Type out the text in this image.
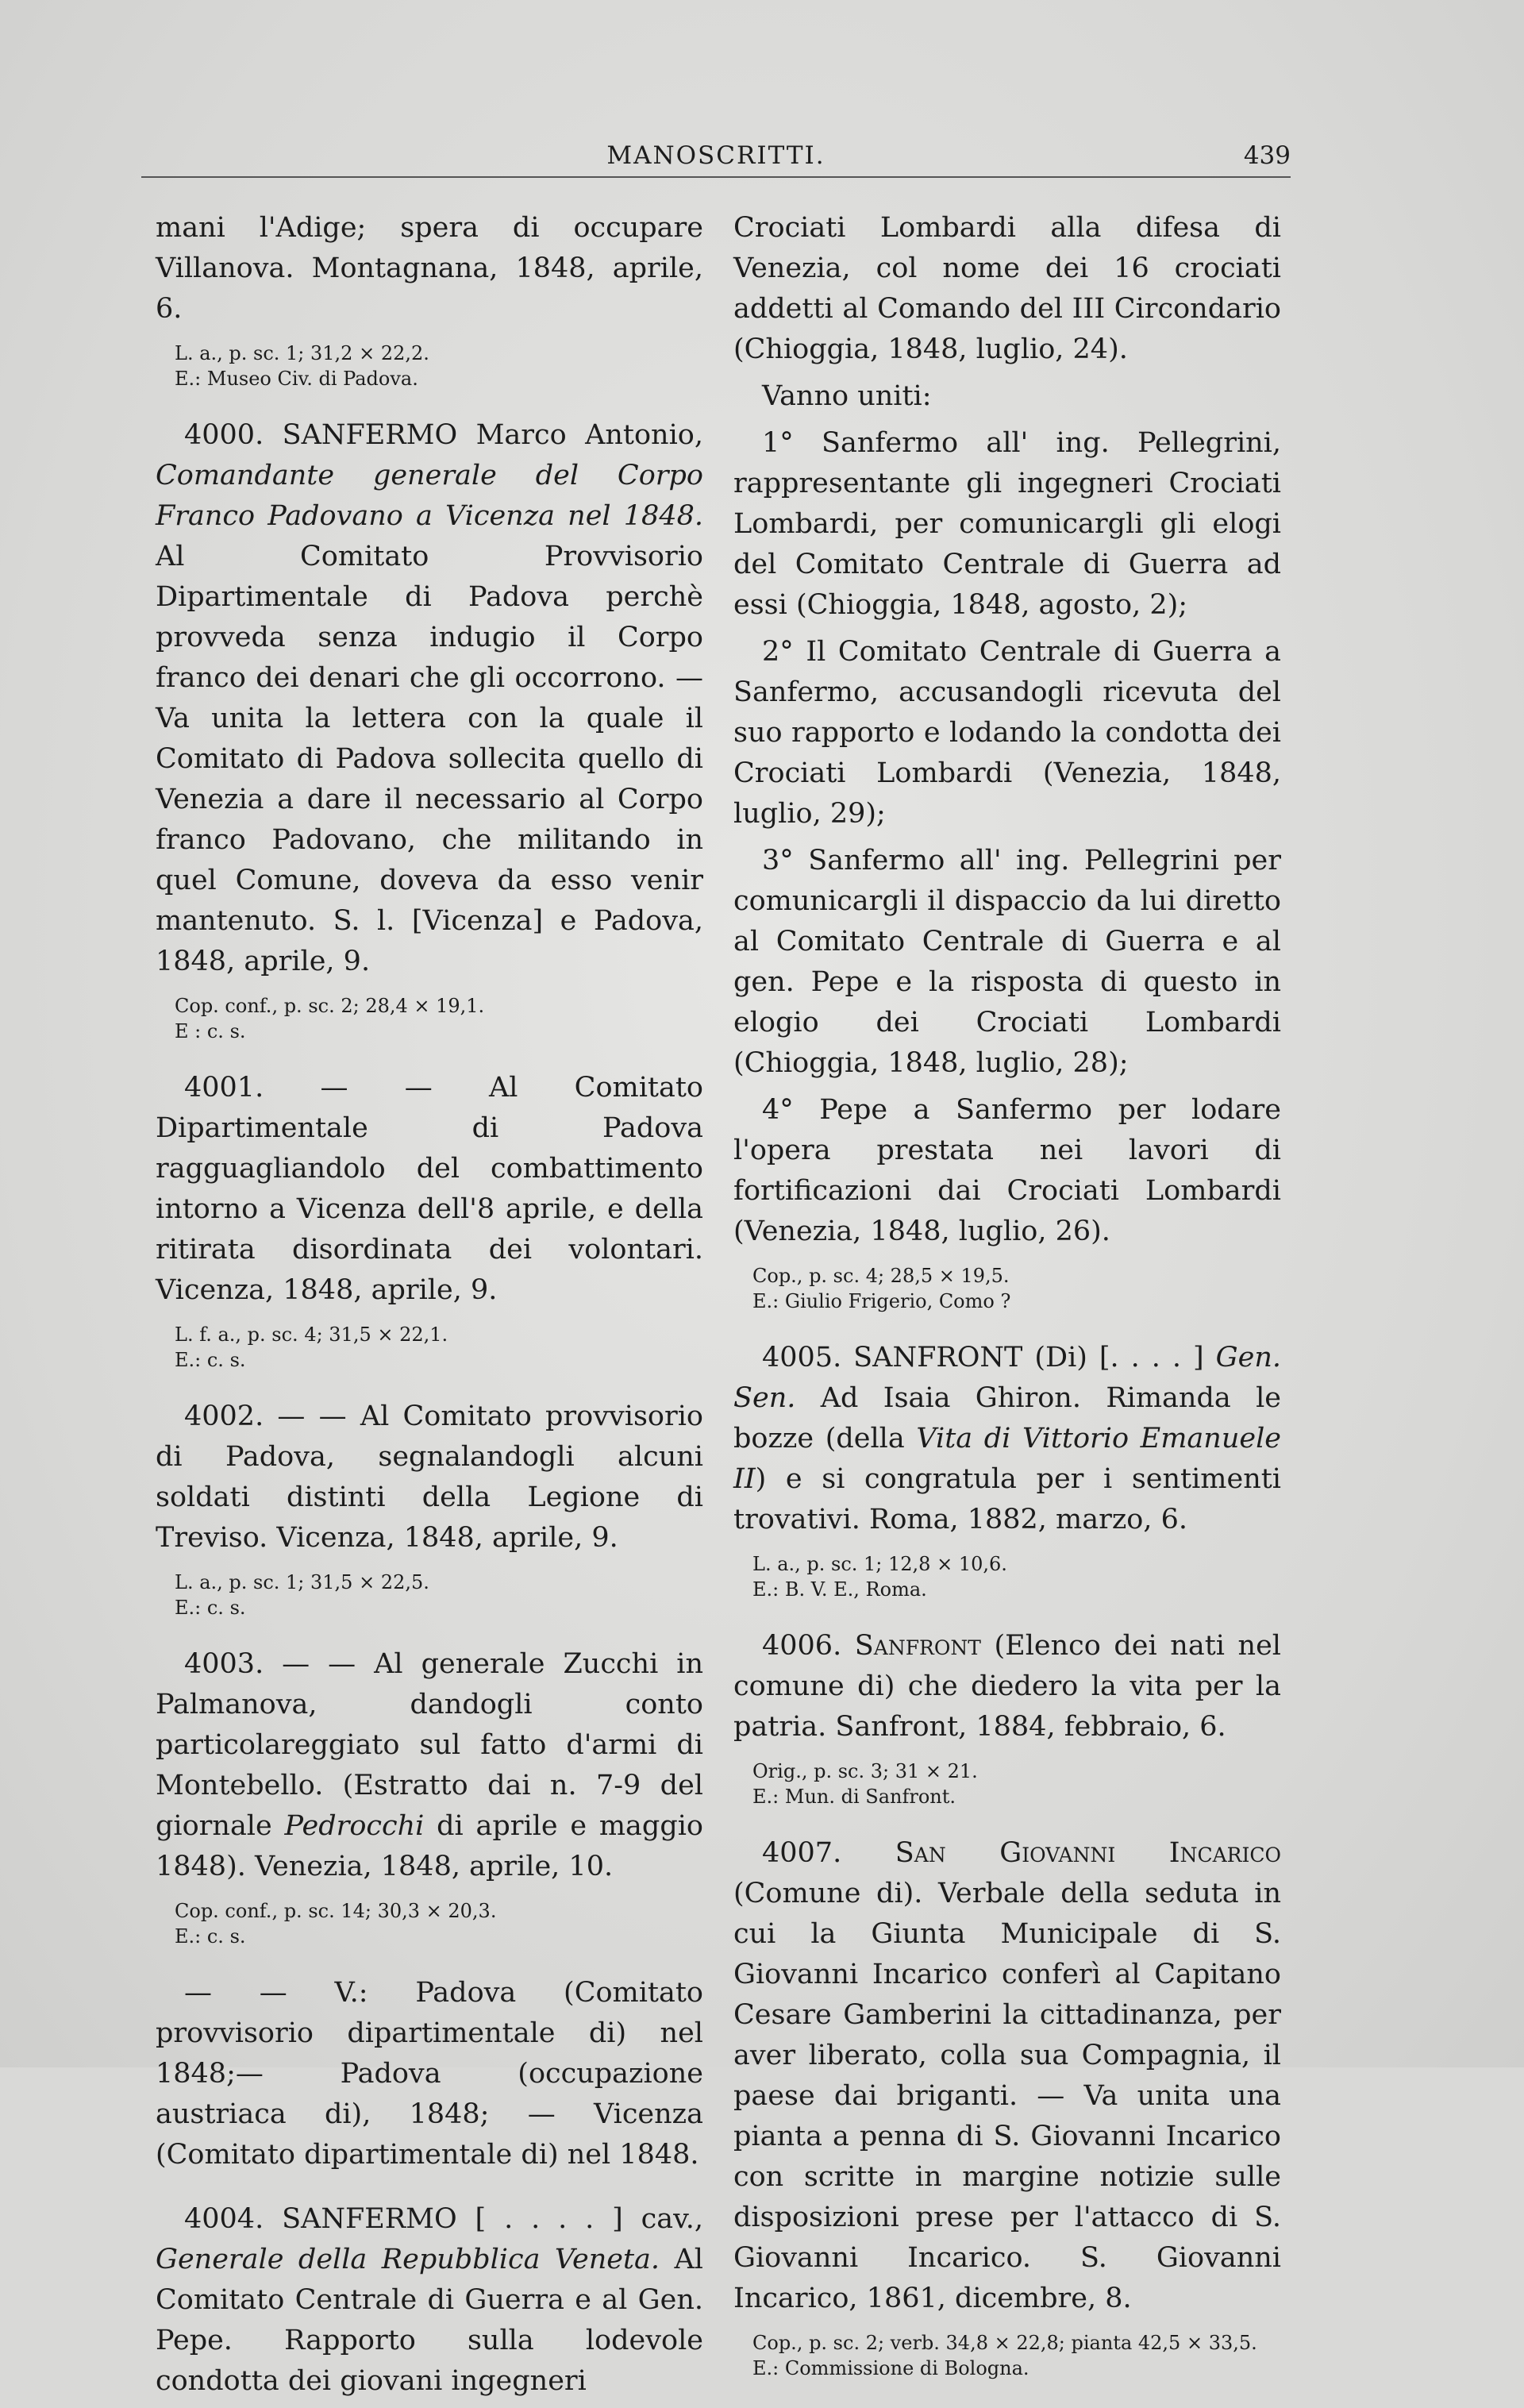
MANOSCRITTI.	439
mani l'Adige; spera di occupare Villanova. Montagnana, 1848, aprile, 6.
L. a., p. sc. 1; 31,2 × 22,2.
E.: Museo Civ. di Padova.
4000. SANFERMO Marco Antonio, Comandante generale del Corpo Franco Padovano a Vicenza nel 1848. Al Comitato Provvisorio Dipartimentale di Padova perchè provveda senza indugio il Corpo franco dei denari che gli occorrono. — Va unita la lettera con la quale il Comitato di Padova sollecita quello di Venezia a dare il necessario al Corpo franco Padovano, che militando in quel Comune, doveva da esso venir mantenuto. S. l. [Vicenza] e Padova, 1848, aprile, 9.
Cop. conf., p. sc. 2; 28,4 × 19,1.
E : c. s.
4001. — — Al Comitato Dipartimentale di Padova ragguagliandolo del combattimento intorno a Vicenza dell'8 aprile, e della ritirata disordinata dei volontari. Vicenza, 1848, aprile, 9.
L. f. a., p. sc. 4; 31,5 × 22,1.
E.: c. s.
4002. — — Al Comitato provvisorio di Padova, segnalandogli alcuni soldati distinti della Legione di Treviso. Vicenza, 1848, aprile, 9.
L. a., p. sc. 1; 31,5 × 22,5.
E.: c. s.
4003. — — Al generale Zucchi in Palmanova, dandogli conto particolareggiato sul fatto d'armi di Montebello. (Estratto dai n. 7-9 del giornale Pedrocchi di aprile e maggio 1848). Venezia, 1848, aprile, 10.
Cop. conf., p. sc. 14; 30,3 × 20,3.
E.: c. s.
— — V.: Padova (Comitato provvisorio dipartimentale di) nel 1848;— Padova (occupazione austriaca di), 1848; — Vicenza (Comitato dipartimentale di) nel 1848.
4004. SANFERMO [ . . . . ] cav., Generale della Repubblica Veneta. Al Comitato Centrale di Guerra e al Gen. Pepe. Rapporto sulla lodevole condotta dei giovani ingegneri
Crociati Lombardi alla difesa di Venezia, col nome dei 16 crociati addetti al Comando del III Circondario (Chioggia, 1848, luglio, 24).
Vanno uniti:
1° Sanfermo all' ing. Pellegrini, rappresentante gli ingegneri Crociati Lombardi, per comunicargli gli elogi del Comitato Centrale di Guerra ad essi (Chioggia, 1848, agosto, 2);
2° Il Comitato Centrale di Guerra a Sanfermo, accusandogli ricevuta del suo rapporto e lodando la condotta dei Crociati Lombardi (Venezia, 1848, luglio, 29);
3° Sanfermo all' ing. Pellegrini per comunicargli il dispaccio da lui diretto al Comitato Centrale di Guerra e al gen. Pepe e la risposta di questo in elogio dei Crociati Lombardi (Chioggia, 1848, luglio, 28);
4° Pepe a Sanfermo per lodare l'opera prestata nei lavori di fortificazioni dai Crociati Lombardi (Venezia, 1848, luglio, 26).
Cop., p. sc. 4; 28,5 × 19,5.
E.: Giulio Frigerio, Como ?
4005. SANFRONT (Di) [. . . . ] Gen. Sen. Ad Isaia Ghiron. Rimanda le bozze (della Vita di Vittorio Emanuele II) e si congratula per i sentimenti trovativi. Roma, 1882, marzo, 6.
L. a., p. sc. 1; 12,8 × 10,6.
E.: B. V. E., Roma.
4006. Sanfront (Elenco dei nati nel comune di) che diedero la vita per la patria. Sanfront, 1884, febbraio, 6.
Orig., p. sc. 3; 31 × 21.
E.: Mun. di Sanfront.
4007. San Giovanni Incarico (Comune di). Verbale della seduta in cui la Giunta Municipale di S. Giovanni Incarico conferì al Capitano Cesare Gamberini la cittadinanza, per aver liberato, colla sua Compagnia, il paese dai briganti. — Va unita una pianta a penna di S. Giovanni Incarico con scritte in margine notizie sulle disposizioni prese per l'attacco di S. Giovanni Incarico. S. Giovanni Incarico, 1861, dicembre, 8.
Cop., p. sc. 2; verb. 34,8 × 22,8; pianta 42,5 × 33,5.
E.: Commissione di Bologna.
